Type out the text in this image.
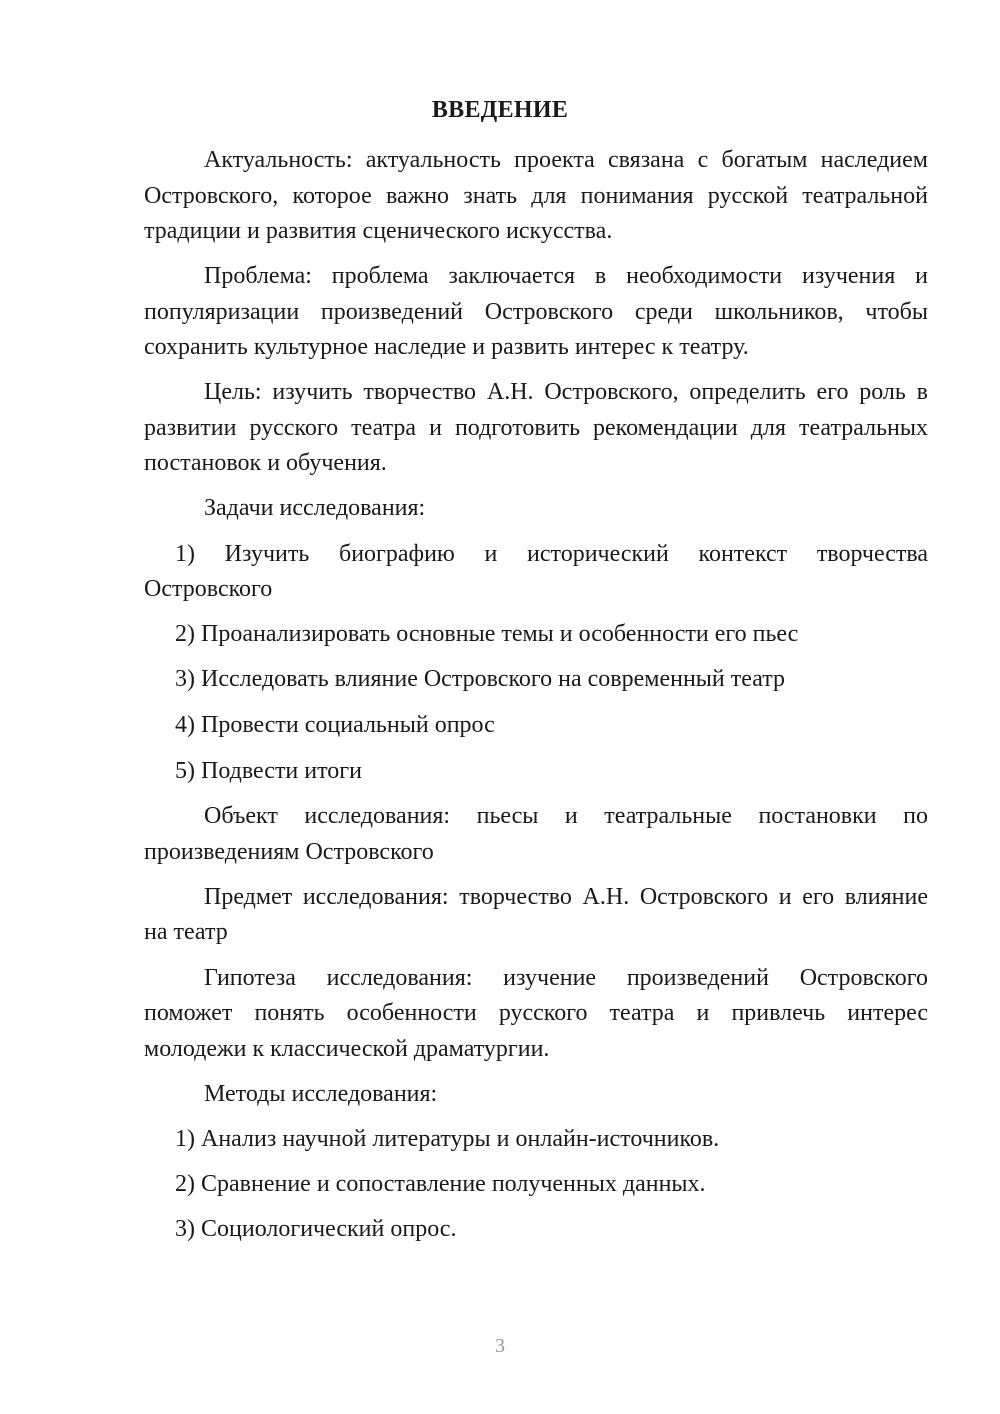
ВВЕДЕНИЕ
Актуальность: актуальность проекта связана с богатым наследием
Островского, которое важно знать для понимания русской театральной
традиции и развития сценического искусства.
Проблема: проблема заключается в необходимости изучения и
популяризации произведений Островского среди школьников, чтобы
сохранить культурное наследие и развить интерес к театру.
Цель: изучить творчество А.Н. Островского, определить его роль в
развитии русского театра и подготовить рекомендации для театральных
постановок и обучения.
Задачи исследования:
1) Изучить биографию и исторический контекст творчества
Островского
2) Проанализировать основные темы и особенности его пьес
3) Исследовать влияние Островского на современный театр
4) Провести социальный опрос
5) Подвести итоги
Объект исследования: пьесы и театральные постановки по
произведениям Островского
Предмет исследования: творчество А.Н. Островского и его влияние
на театр
Гипотеза исследования: изучение произведений Островского
поможет понять особенности русского театра и привлечь интерес
молодежи к классической драматургии.
Методы исследования:
1) Анализ научной литературы и онлайн-источников.
2) Сравнение и сопоставление полученных данных.
3) Социологический опрос.
3
